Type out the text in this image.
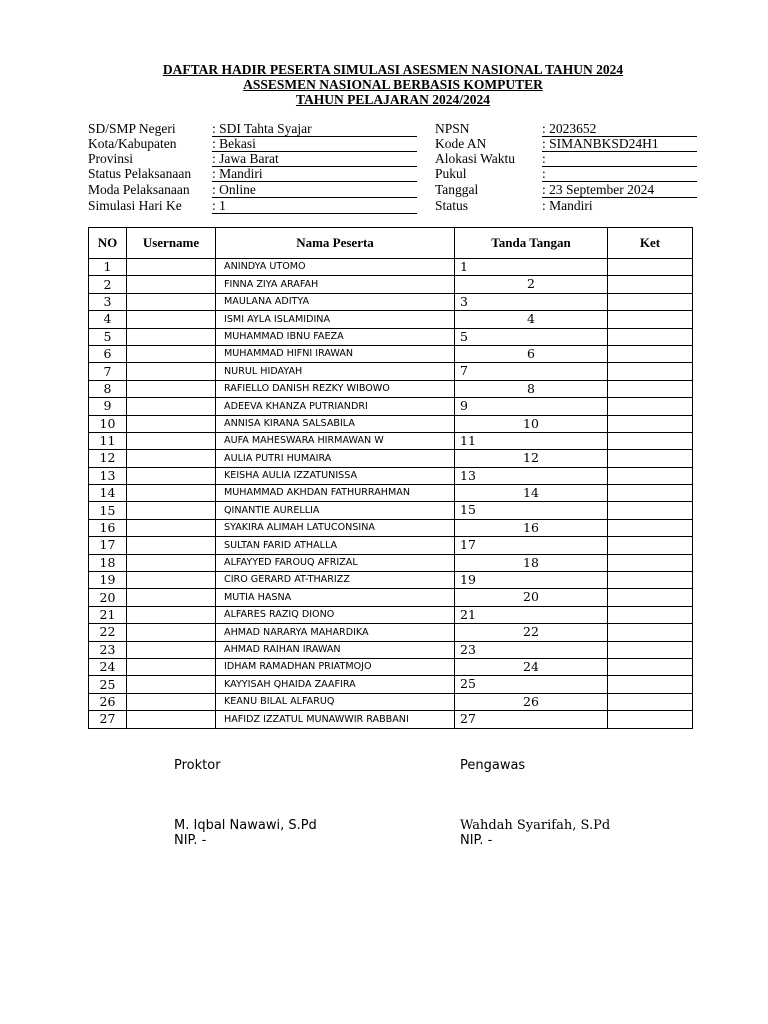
DAFTAR HADIR PESERTA SIMULASI ASESMEN NASIONAL TAHUN 2024
ASSESMEN NASIONAL BERBASIS KOMPUTER
TAHUN PELAJARAN 2024/2024
SD/SMP Negeri	: SDI Tahta Syajar
Kota/Kabupaten	: Bekasi
Provinsi	: Jawa Barat
Status Pelaksanaan : Mandiri
Moda Pelaksanaan : Online
Simulasi Hari Ke : 1
NPSN	: 2023652
Kode AN	: SIMANBKSD24H1
Alokasi Waktu :
Pukul	:
Tanggal	: 23 September 2024
Status	: Mandiri
NO	Username	Nama Peserta	Tanda Tangan	Ket
1		ANINDYA UTOMO	1	
2		FINNA ZIYA ARAFAH	2	
3		MAULANA ADITYA	3	
4		ISMI AYLA ISLAMIDINA	4	
5		MUHAMMAD IBNU FAEZA	5	
6		MUHAMMAD HIFNI IRAWAN	6	
7		NURUL HIDAYAH	7	
8		RAFIELLO DANISH REZKY WIBOWO	8	
9		ADEEVA KHANZA PUTRIANDRI	9	
10		ANNISA KIRANA SALSABILA	10	
11		AUFA MAHESWARA HIRMAWAN W	11	
12		AULIA PUTRI HUMAIRA	12	
13		KEISHA AULIA IZZATUNISSA	13	
14		MUHAMMAD AKHDAN FATHURRAHMAN	14	
15		QINANTIE AURELLIA	15	
16		SYAKIRA ALIMAH LATUCONSINA	16	
17		SULTAN FARID ATHALLA	17	
18		ALFAYYED FAROUQ AFRIZAL	18	
19		CIRO GERARD AT-THARIZZ	19	
20		MUTIA HASNA	20	
21		ALFARES RAZIQ DIONO	21	
22		AHMAD NARARYA MAHARDIKA	22	
23		AHMAD RAIHAN IRAWAN	23	
24		IDHAM RAMADHAN PRIATMOJO	24	
25		KAYYISAH QHAIDA ZAAFIRA	25	
26		KEANU BILAL ALFARUQ	26	
27		HAFIDZ IZZATUL MUNAWWIR RABBANI	27	
Proktor	Pengawas
M. Iqbal Nawawi, S.Pd
NIP. -
Wahdah Syarifah, S.Pd
NIP. -
